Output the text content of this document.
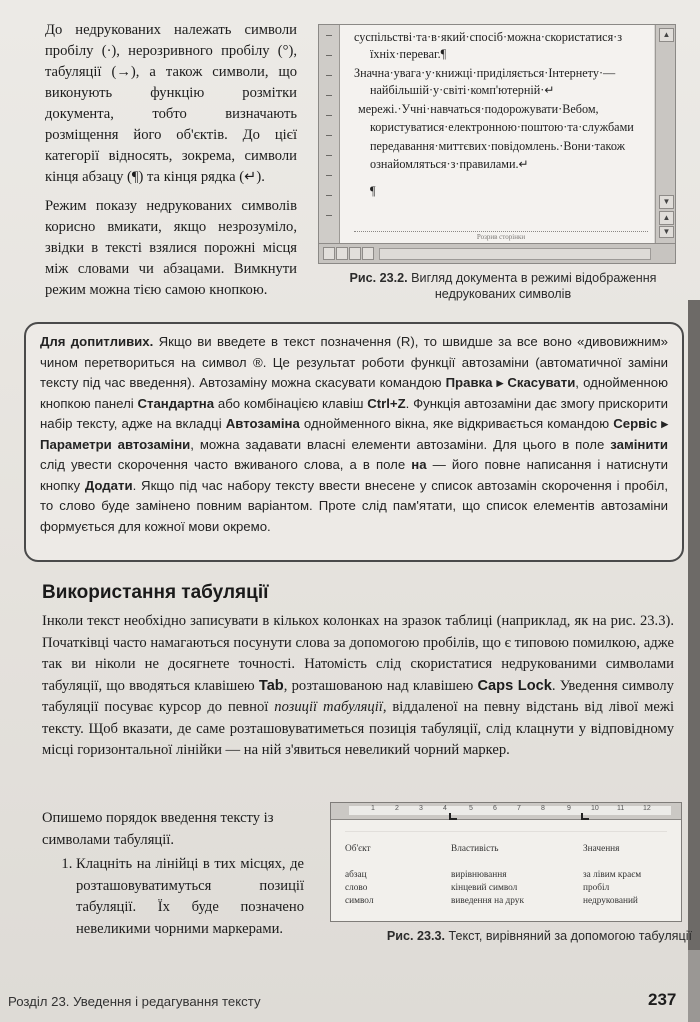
До недрукованих належать символи пробілу (·), нерозривного пробілу (°), табуляції (→), а також символи, що виконують функцію розмітки документа, тобто визначають розміщення його об'єктів. До цієї категорії відносять, зокрема, символи кінця абзацу (¶) та кінця рядка (↵).

Режим показу недрукованих символів корисно вмикати, якщо незрозуміло, звідки в тексті взялися порожні місця між словами чи абзацами. Вимкнути режим можна тією самою кнопкою.

суспільстві·та·в·який·спосіб·можна·скористатися·з
їхніх·переваг.¶
Значна·увага·у·книжці·приділяється·Інтернету·—
найбільшій·у·світі·комп'ютерній·↵
мережі.·Учні·навчаться·подорожувати·Вебом,
користуватися·електронною·поштою·та·службами
передавання·миттєвих·повідомлень.·Вони·також
ознайомляться·з·правилами.↵
¶
Розрив сторінки
▲
▼
▲
▼
Рис. 23.2. Вигляд документа в режимі відображення недрукованих символів
Для допитливих. Якщо ви введете в текст позначення (R), то швидше за все воно «дивовижним» чином перетвориться на символ ®. Це результат роботи функції автозаміни (автоматичної заміни тексту під час введення). Автозаміну можна скасувати командою Правка ▸ Скасувати, однойменною кнопкою панелі Стандартна або комбінацією клавіш Ctrl+Z. Функція автозаміни дає змогу прискорити набір тексту, адже на вкладці Автозаміна однойменного вікна, яке відкривається командою Сервіс ▸ Параметри автозаміни, можна задавати власні елементи автозаміни. Для цього в поле замінити слід увести скорочення часто вживаного слова, а в поле на — його повне написання і натиснути кнопку Додати. Якщо під час набору тексту ввести внесене у список автозамін скорочення і пробіл, то слово буде замінено повним варіантом. Проте слід пам'ятати, що список елементів автозаміни формується для кожної мови окремо.
Використання табуляції
Інколи текст необхідно записувати в кількох колонках на зразок таблиці (наприклад, як на рис. 23.3). Початківці часто намагаються посунути слова за допомогою пробілів, що є типовою помилкою, адже так ви ніколи не досягнете точності. Натомість слід скористатися недрукованими символами табуляції, що вводяться клавішею Tab, розташованою над клавішею Caps Lock. Уведення символу табуляції посуває курсор до певної позиції табуляції, віддаленої на певну відстань від лівої межі тексту. Щоб вказати, де саме розташовуватиметься позиція табуляції, слід клацнути у відповідному місці горизонтальної лінійки — на ній з'явиться невеликий чорний маркер.

Опишемо порядок введення тексту із символами табуляції.

1. Клацніть на лінійці в тих місцях, де розташовуватимуться позиції табуляції. Їх буде позначено невеликими чорними маркерами.
1	2	3	4	5	6	7	8	9	10	11	12
Об'єкт	Властивість	Значення
абзац	вирівнювання	за лівим краєм
слово	кінцевий символ	пробіл
символ	виведення на друк	недрукований
Рис. 23.3. Текст, вирівняний за допомогою табуляції
Розділ 23. Уведення і редагування тексту	237
